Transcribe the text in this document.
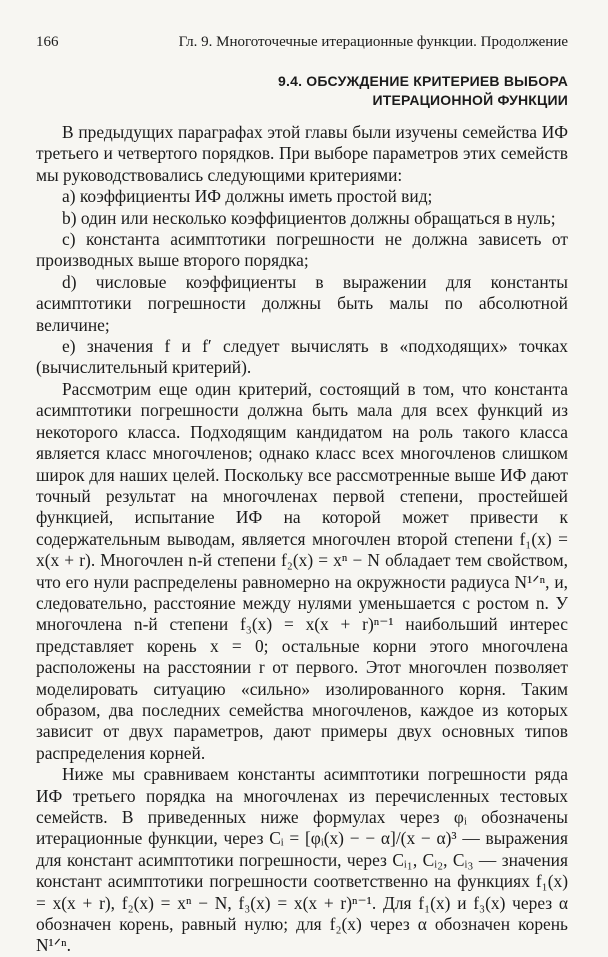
166	Гл. 9. Многоточечные итерационные функции. Продолжение
9.4. ОБСУЖДЕНИЕ КРИТЕРИЕВ ВЫБОРА
ИТЕРАЦИОННОЙ ФУНКЦИИ

В предыдущих параграфах этой главы были изучены семейства ИФ третьего и четвертого порядков. При выборе параметров этих семейств мы руководствовались следующими критериями:

a) коэффициенты ИФ должны иметь простой вид;

b) один или несколько коэффициентов должны обращаться в нуль;

c) константа асимптотики погрешности не должна зависеть от производных выше второго порядка;

d) числовые коэффициенты в выражении для константы асимптотики погрешности должны быть малы по абсолютной величине;

e) значения f и f′ следует вычислять в «подходящих» точках (вычислительный критерий).

Рассмотрим еще один критерий, состоящий в том, что константа асимптотики погрешности должна быть мала для всех функций из некоторого класса. Подходящим кандидатом на роль такого класса является класс многочленов; однако класс всех многочленов слишком широк для наших целей. Поскольку все рассмотренные выше ИФ дают точный результат на многочленах первой степени, простейшей функцией, испытание ИФ на которой может привести к содержательным выводам, является многочлен второй степени f₁(x) = x(x + r). Многочлен n-й степени f₂(x) = xⁿ − N обладает тем свойством, что его нули распределены равномерно на окружности радиуса N¹ᐟⁿ, и, следовательно, расстояние между нулями уменьшается с ростом n. У многочлена n-й степени f₃(x) = x(x + r)ⁿ⁻¹ наибольший интерес представляет корень x = 0; остальные корни этого многочлена расположены на расстоянии r от первого. Этот многочлен позволяет моделировать ситуацию «сильно» изолированного корня. Таким образом, два последних семейства многочленов, каждое из которых зависит от двух параметров, дают примеры двух основных типов распределения корней.

Ниже мы сравниваем константы асимптотики погрешности ряда ИФ третьего порядка на многочленах из перечисленных тестовых семейств. В приведенных ниже формулах через φᵢ обозначены итерационные функции, через Cᵢ = [φᵢ(x) − − α]/(x − α)³ — выражения для констант асимптотики погрешности, через Cᵢ₁, Cᵢ₂, Cᵢ₃ — значения констант асимптотики погрешности соответственно на функциях f₁(x) = x(x + r), f₂(x) = xⁿ − N, f₃(x) = x(x + r)ⁿ⁻¹. Для f₁(x) и f₃(x) через α обозначен корень, равный нулю; для f₂(x) через α обозначен корень N¹ᐟⁿ.
